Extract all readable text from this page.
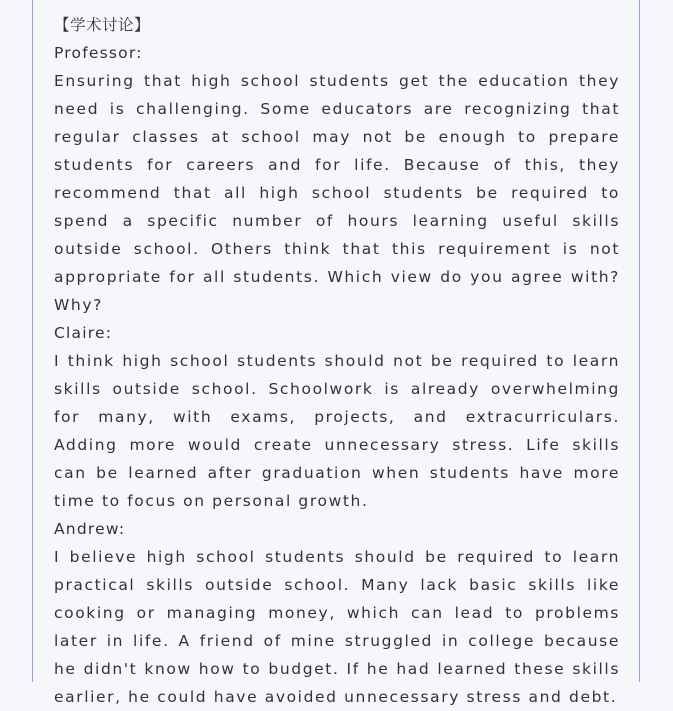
【学术讨论】
Professor:
Ensuring that high school students get the education they need is challenging. Some educators are recognizing that regular classes at school may not be enough to prepare students for careers and for life. Because of this, they recommend that all high school students be required to spend a specific number of hours learning useful skills outside school. Others think that this requirement is not appropriate for all students. Which view do you agree with? Why?
Claire:
I think high school students should not be required to learn skills outside school. Schoolwork is already overwhelming for many, with exams, projects, and extracurriculars. Adding more would create unnecessary stress. Life skills can be learned after graduation when students have more time to focus on personal growth.
Andrew:
I believe high school students should be required to learn practical skills outside school. Many lack basic skills like cooking or managing money, which can lead to problems later in life. A friend of mine struggled in college because he didn't know how to budget. If he had learned these skills earlier, he could have avoided unnecessary stress and debt.
